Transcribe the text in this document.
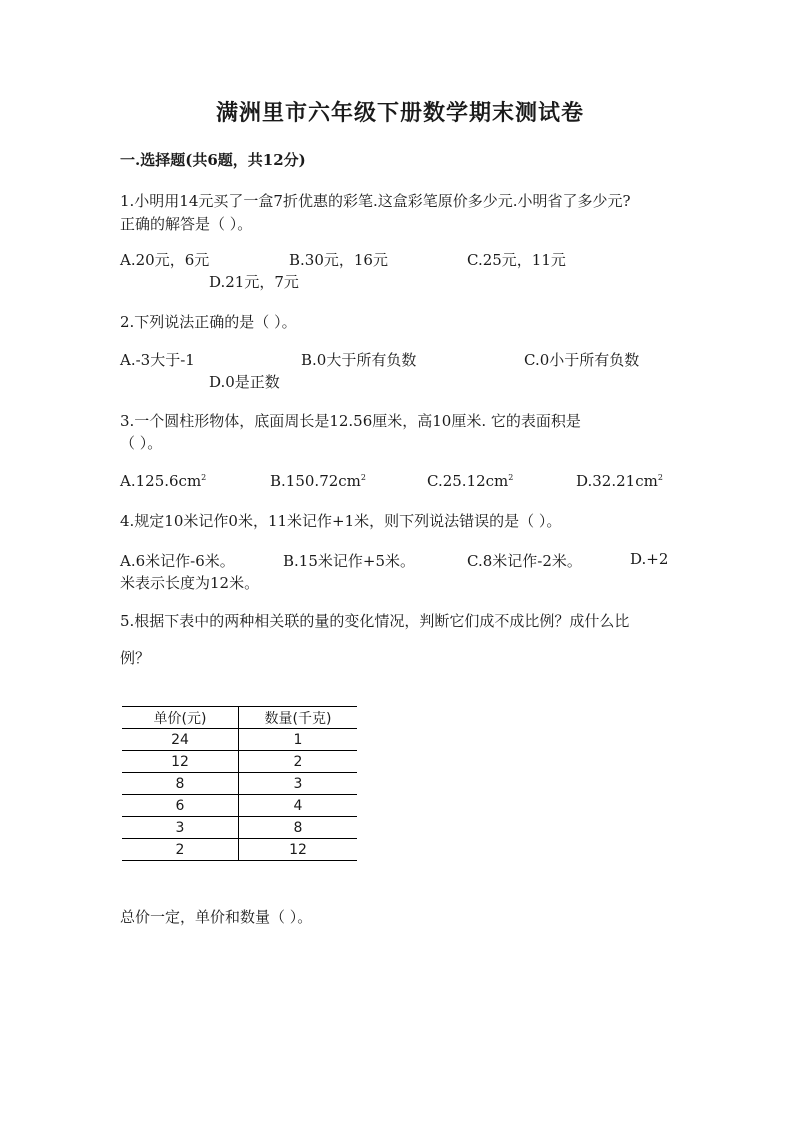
满洲里市六年级下册数学期末测试卷
一.选择题(共6题，共12分)
1.小明用14元买了一盒7折优惠的彩笔.这盒彩笔原价多少元.小明省了多少元?
正确的解答是（ ）。
A.20元，6元	B.30元，16元	C.25元，11元
D.21元，7元
2.下列说法正确的是（ ）。
A.-3大于-1	B.0大于所有负数	C.0小于所有负数
D.0是正数
3.一个圆柱形物体，底面周长是12.56厘米，高10厘米. 它的表面积是
（ ）。
$A.125.6cm^2$	$B.150.72cm^2$	$C.25.12cm^2$	$D.32.21cm^2$
4.规定10米记作0米，11米记作+1米，则下列说法错误的是（ ）。
A.6米记作-6米。	B.15米记作+5米。	C.8米记作-2米。	D.+2
米表示长度为12米。
5.根据下表中的两种相关联的量的变化情况，判断它们成不成比例？成什么比
例？
单价(元)	数量(千克)
24	1
12	2
8	3
6	4
3	8
2	12
总价一定，单价和数量（ ）。
